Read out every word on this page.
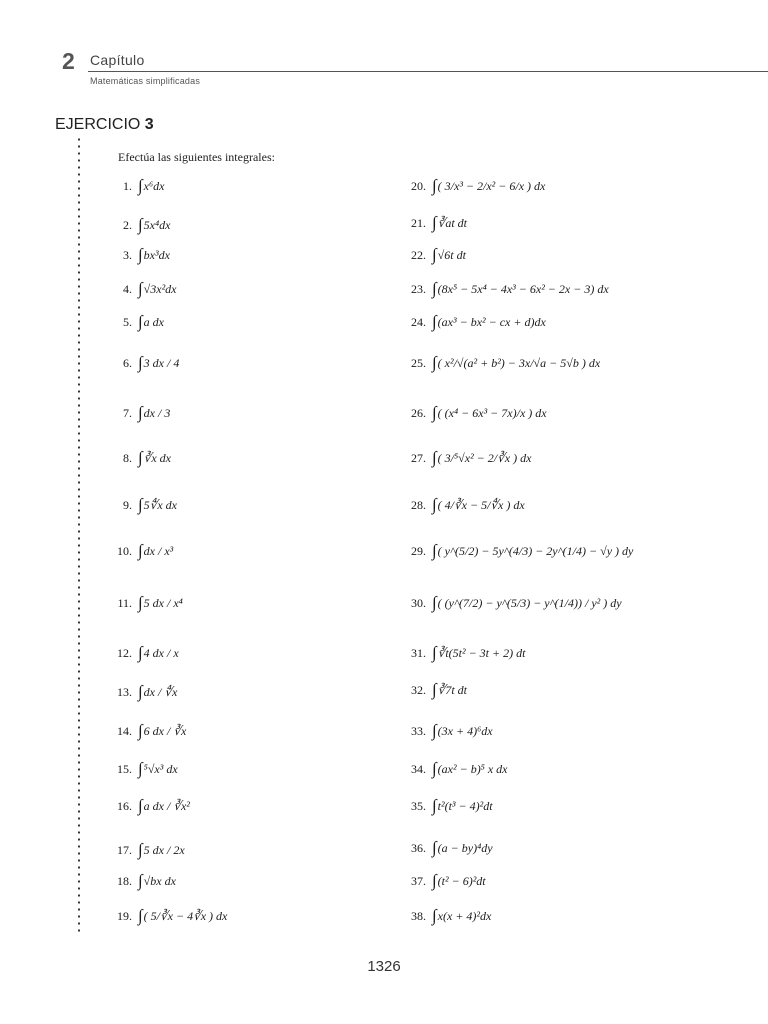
2 Capítulo
Matemáticas simplificadas
EJERCICIO 3
Efectúa las siguientes integrales:
1. ∫ x⁶dx
2. ∫ 5x⁴dx
3. ∫ bx³dx
4. ∫ √3x²dx
5. ∫ a dx
6. ∫ 3 dx / 4
7. ∫ dx / 3
8. ∫ ∛x dx
9. ∫ 5∜x dx
10. ∫ dx / x³
11. ∫ 5 dx / x⁴
12. ∫ 4 dx / x
13. ∫ dx / ∜x
14. ∫ 6 dx / ∛x
15. ∫ ⁵√x³ dx
16. ∫ a dx / ∛x²
17. ∫ 5 dx / 2x
18. ∫ √bx dx
19. ∫ ( 5/∛x − 4∛x ) dx
20. ∫ ( 3/x³ − 2/x² − 6/x ) dx
21. ∫ ∛at dt
22. ∫ √6t dt
23. ∫ (8x⁵ − 5x⁴ − 4x³ − 6x² − 2x − 3) dx
24. ∫ (ax³ − bx² − cx + d)dx
25. ∫ ( x²/√(a² + b²) − 3x/√a − 5√b ) dx
26. ∫ ( (x⁴ − 6x³ − 7x)/x ) dx
27. ∫ ( 3/⁵√x² − 2/∛x ) dx
28. ∫ ( 4/∛x − 5/∜x ) dx
29. ∫ ( y^(5/2) − 5y^(4/3) − 2y^(1/4) − √y ) dy
30. ∫ ( (y^(7/2) − y^(5/3) − y^(1/4)) / y² ) dy
31. ∫ ∛t(5t² − 3t + 2) dt
32. ∫ ∛7t dt
33. ∫ (3x + 4)⁶dx
34. ∫ (ax² − b)⁵ x dx
35. ∫ t²(t³ − 4)²dt
36. ∫ (a − by)⁴dy
37. ∫ (t² − 6)²dt
38. ∫ x(x + 4)²dx
1326
